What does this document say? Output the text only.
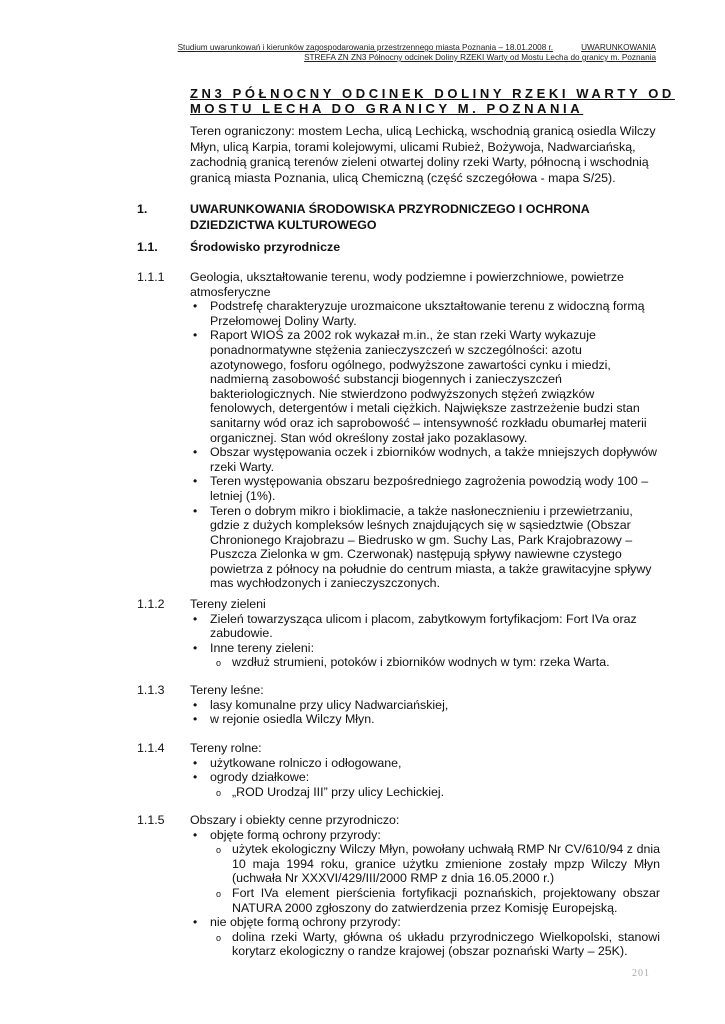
Studium uwarunkowań i kierunków zagospodarowania przestrzennego miasta Poznania – 18.01.2008 r.	UWARUNKOWANIA
STREFA ZN ZN3 Północny odcinek Doliny RZEKI Warty od Mostu Lecha do granicy m. Poznania
ZN3 PÓŁNOCNY ODCINEK DOLINY RZEKI WARTY OD
MOSTU LECHA DO GRANICY M. POZNANIA
Teren ograniczony: mostem Lecha, ulicą Lechicką, wschodnią granicą osiedla Wilczy Młyn, ulicą Karpia, torami kolejowymi, ulicami Rubież, Bożywoja, Nadwarciańską, zachodnią granicą terenów zieleni otwartej doliny rzeki Warty, północną i wschodnią granicą miasta Poznania, ulicą Chemiczną (część szczegółowa - mapa S/25).
1.	UWARUNKOWANIA ŚRODOWISKA PRZYRODNICZEGO I OCHRONA DZIEDZICTWA KULTUROWEGO
1.1.	Środowisko przyrodnicze
1.1.1 Geologia, ukształtowanie terenu, wody podziemne i powierzchniowe, powietrze atmosferyczne
• Podstrefę charakteryzuje urozmaicone ukształtowanie terenu z widoczną formą Przełomowej Doliny Warty.
• Raport WIOŚ za 2002 rok wykazał m.in., że stan rzeki Warty wykazuje ponadnormatywne stężenia zanieczyszczeń w szczególności: azotu azotynowego, fosforu ogólnego, podwyższone zawartości cynku i miedzi, nadmierną zasobowość substancji biogennych i zanieczyszczeń bakteriologicznych. Nie stwierdzono podwyższonych stężeń związków fenolowych, detergentów i metali ciężkich. Największe zastrzeżenie budzi stan sanitarny wód oraz ich saprobowość – intensywność rozkładu obumarłej materii organicznej. Stan wód określony został jako pozaklasowy.
• Obszar występowania oczek i zbiorników wodnych, a także mniejszych dopływów rzeki Warty.
• Teren występowania obszaru bezpośredniego zagrożenia powodzią wody 100 – letniej (1%).
• Teren o dobrym mikro i bioklimacie, a także nasłonecznieniu i przewietrzaniu, gdzie z dużych kompleksów leśnych znajdujących się w sąsiedztwie (Obszar Chronionego Krajobrazu – Biedrusko w gm. Suchy Las, Park Krajobrazowy – Puszcza Zielonka w gm. Czerwonak) następują spływy nawiewne czystego powietrza z północy na południe do centrum miasta, a także grawitacyjne spływy mas wychłodzonych i zanieczyszczonych.
1.1.2 Tereny zieleni
• Zieleń towarzysząca ulicom i placom, zabytkowym fortyfikacjom: Fort IVa oraz zabudowie.
• Inne tereny zieleni:
o wzdłuż strumieni, potoków i zbiorników wodnych w tym: rzeka Warta.
1.1.3 Tereny leśne:
• lasy komunalne przy ulicy Nadwarciańskiej,
• w rejonie osiedla Wilczy Młyn.
1.1.4 Tereny rolne:
• użytkowane rolniczo i odłogowane,
• ogrody działkowe:
o „ROD Urodzaj III” przy ulicy Lechickiej.
1.1.5 Obszary i obiekty cenne przyrodniczo:
• objęte formą ochrony przyrody:
o użytek ekologiczny Wilczy Młyn, powołany uchwałą RMP Nr CV/610/94 z dnia 10 maja 1994 roku, granice użytku zmienione zostały mpzp Wilczy Młyn (uchwała Nr XXXVI/429/III/2000 RMP z dnia 16.05.2000 r.)
o Fort IVa element pierścienia fortyfikacji poznańskich, projektowany obszar NATURA 2000 zgłoszony do zatwierdzenia przez Komisję Europejską.
• nie objęte formą ochrony przyrody:
o dolina rzeki Warty, główna oś układu przyrodniczego Wielkopolski, stanowi korytarz ekologiczny o randze krajowej (obszar poznański Warty – 25K).
201
